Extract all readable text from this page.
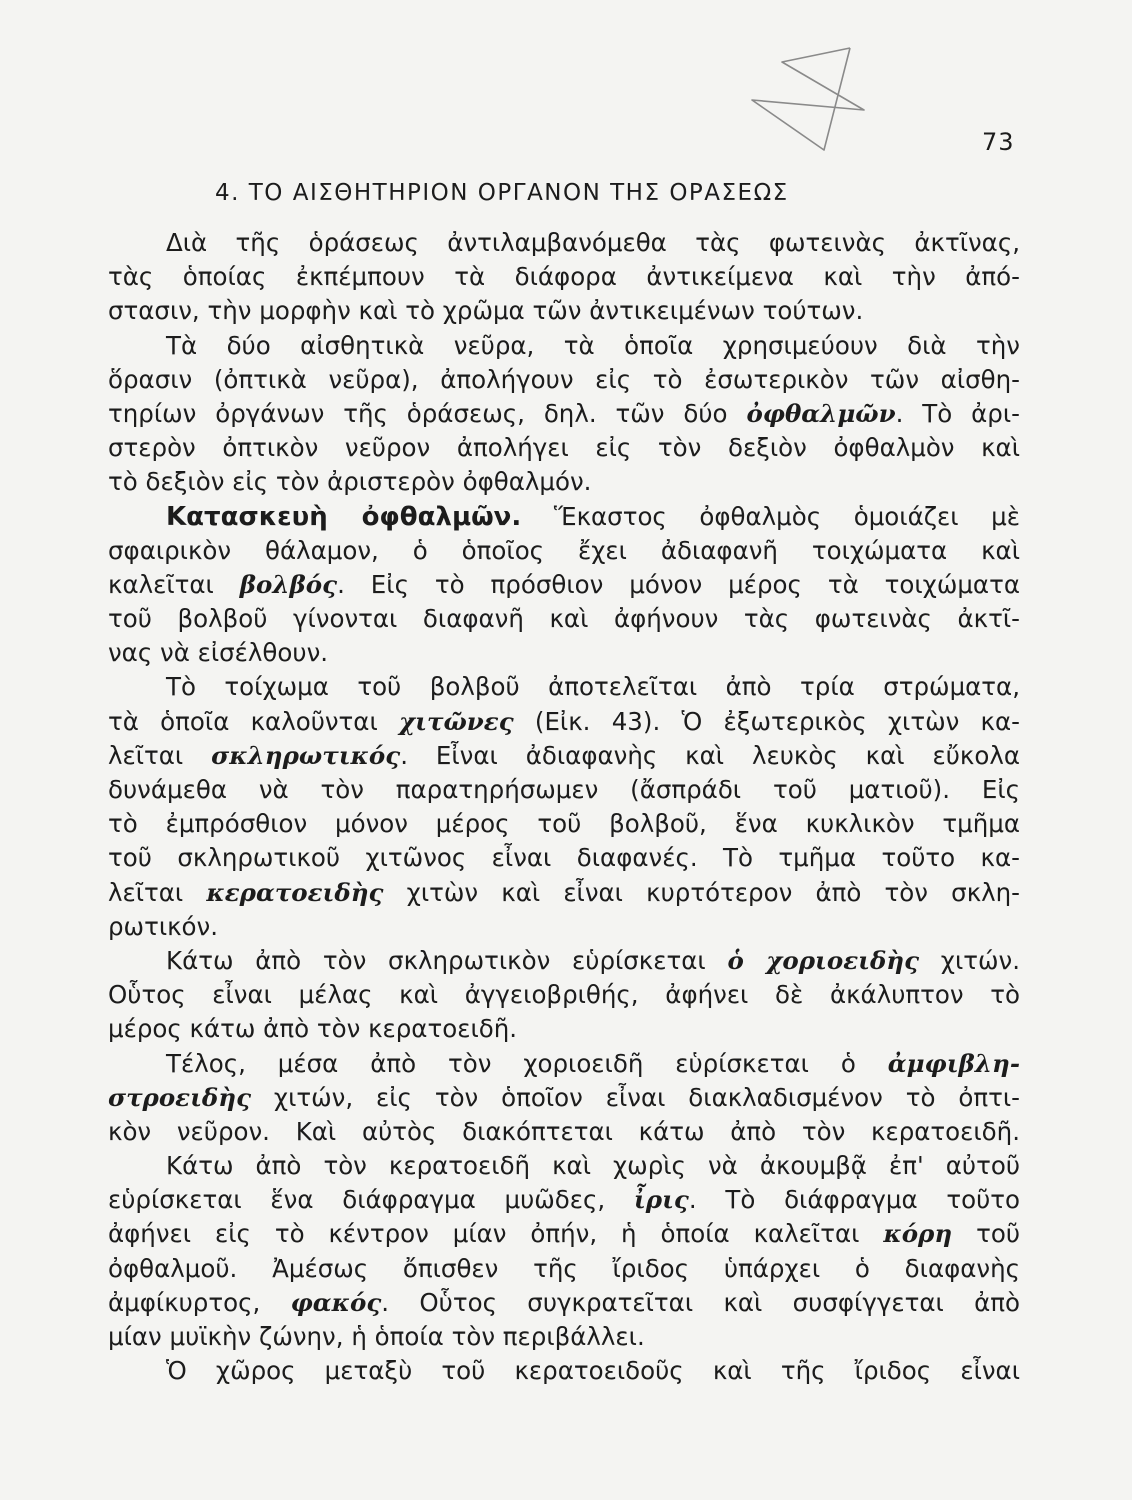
73
4. ΤΟ ΑΙΣΘΗΤΗΡΙΟΝ ΟΡΓΑΝΟΝ ΤΗΣ ΟΡΑΣΕΩΣ
Διὰ τῆς ὁράσεως ἀντιλαμβανόμεθα τὰς φωτεινὰς ἀκτῖνας,
τὰς ὁποίας ἐκπέμπουν τὰ διάφορα ἀντικείμενα καὶ τὴν ἀπό-
στασιν, τὴν μορφὴν καὶ τὸ χρῶμα τῶν ἀντικειμένων τούτων.
Τὰ δύο αἰσθητικὰ νεῦρα, τὰ ὁποῖα χρησιμεύουν διὰ τὴν
ὅρασιν (ὀπτικὰ νεῦρα), ἀπολήγουν εἰς τὸ ἐσωτερικὸν τῶν αἰσθη-
τηρίων ὀργάνων τῆς ὁράσεως, δηλ. τῶν δύο ὀφθαλμῶν. Τὸ ἀρι-
στερὸν ὀπτικὸν νεῦρον ἀπολήγει εἰς τὸν δεξιὸν ὀφθαλμὸν καὶ
τὸ δεξιὸν εἰς τὸν ἀριστερὸν ὀφθαλμόν.
Κατασκευὴ ὀφθαλμῶν. Ἕκαστος ὀφθαλμὸς ὁμοιάζει μὲ
σφαιρικὸν θάλαμον, ὁ ὁποῖος ἔχει ἀδιαφανῆ τοιχώματα καὶ
καλεῖται βολβός. Εἰς τὸ πρόσθιον μόνον μέρος τὰ τοιχώματα
τοῦ βολβοῦ γίνονται διαφανῆ καὶ ἀφήνουν τὰς φωτεινὰς ἀκτῖ-
νας νὰ εἰσέλθουν.
Τὸ τοίχωμα τοῦ βολβοῦ ἀποτελεῖται ἀπὸ τρία στρώματα,
τὰ ὁποῖα καλοῦνται χιτῶνες (Εἰκ. 43). Ὁ ἐξωτερικὸς χιτὼν κα-
λεῖται σκληρωτικός. Εἶναι ἀδιαφανὴς καὶ λευκὸς καὶ εὔκολα
δυνάμεθα νὰ τὸν παρατηρήσωμεν (ἄσπράδι τοῦ ματιοῦ). Εἰς
τὸ ἐμπρόσθιον μόνον μέρος τοῦ βολβοῦ, ἕνα κυκλικὸν τμῆμα
τοῦ σκληρωτικοῦ χιτῶνος εἶναι διαφανές. Τὸ τμῆμα τοῦτο κα-
λεῖται κερατοειδὴς χιτὼν καὶ εἶναι κυρτότερον ἀπὸ τὸν σκλη-
ρωτικόν.
Κάτω ἀπὸ τὸν σκληρωτικὸν εὑρίσκεται ὁ χοριοειδὴς χιτών.
Οὗτος εἶναι μέλας καὶ ἀγγειοβριθής, ἀφήνει δὲ ἀκάλυπτον τὸ
μέρος κάτω ἀπὸ τὸν κερατοειδῆ.
Τέλος, μέσα ἀπὸ τὸν χοριοειδῆ εὑρίσκεται ὁ ἀμφιβλη-
στροειδὴς χιτών, εἰς τὸν ὁποῖον εἶναι διακλαδισμένον τὸ ὀπτι-
κὸν νεῦρον. Καὶ αὐτὸς διακόπτεται κάτω ἀπὸ τὸν κερατοειδῆ.
Κάτω ἀπὸ τὸν κερατοειδῆ καὶ χωρὶς νὰ ἀκουμβᾷ ἐπ' αὐτοῦ
εὑρίσκεται ἕνα διάφραγμα μυῶδες, ἶρις. Τὸ διάφραγμα τοῦτο
ἀφήνει εἰς τὸ κέντρον μίαν ὀπήν, ἡ ὁποία καλεῖται κόρη τοῦ
ὀφθαλμοῦ. Ἀμέσως ὄπισθεν τῆς ἴριδος ὑπάρχει ὁ διαφανὴς
ἀμφίκυρτος, φακός. Οὗτος συγκρατεῖται καὶ συσφίγγεται ἀπὸ
μίαν μυϊκὴν ζώνην, ἡ ὁποία τὸν περιβάλλει.
Ὁ χῶρος μεταξὺ τοῦ κερατοειδοῦς καὶ τῆς ἴριδος εἶναι
